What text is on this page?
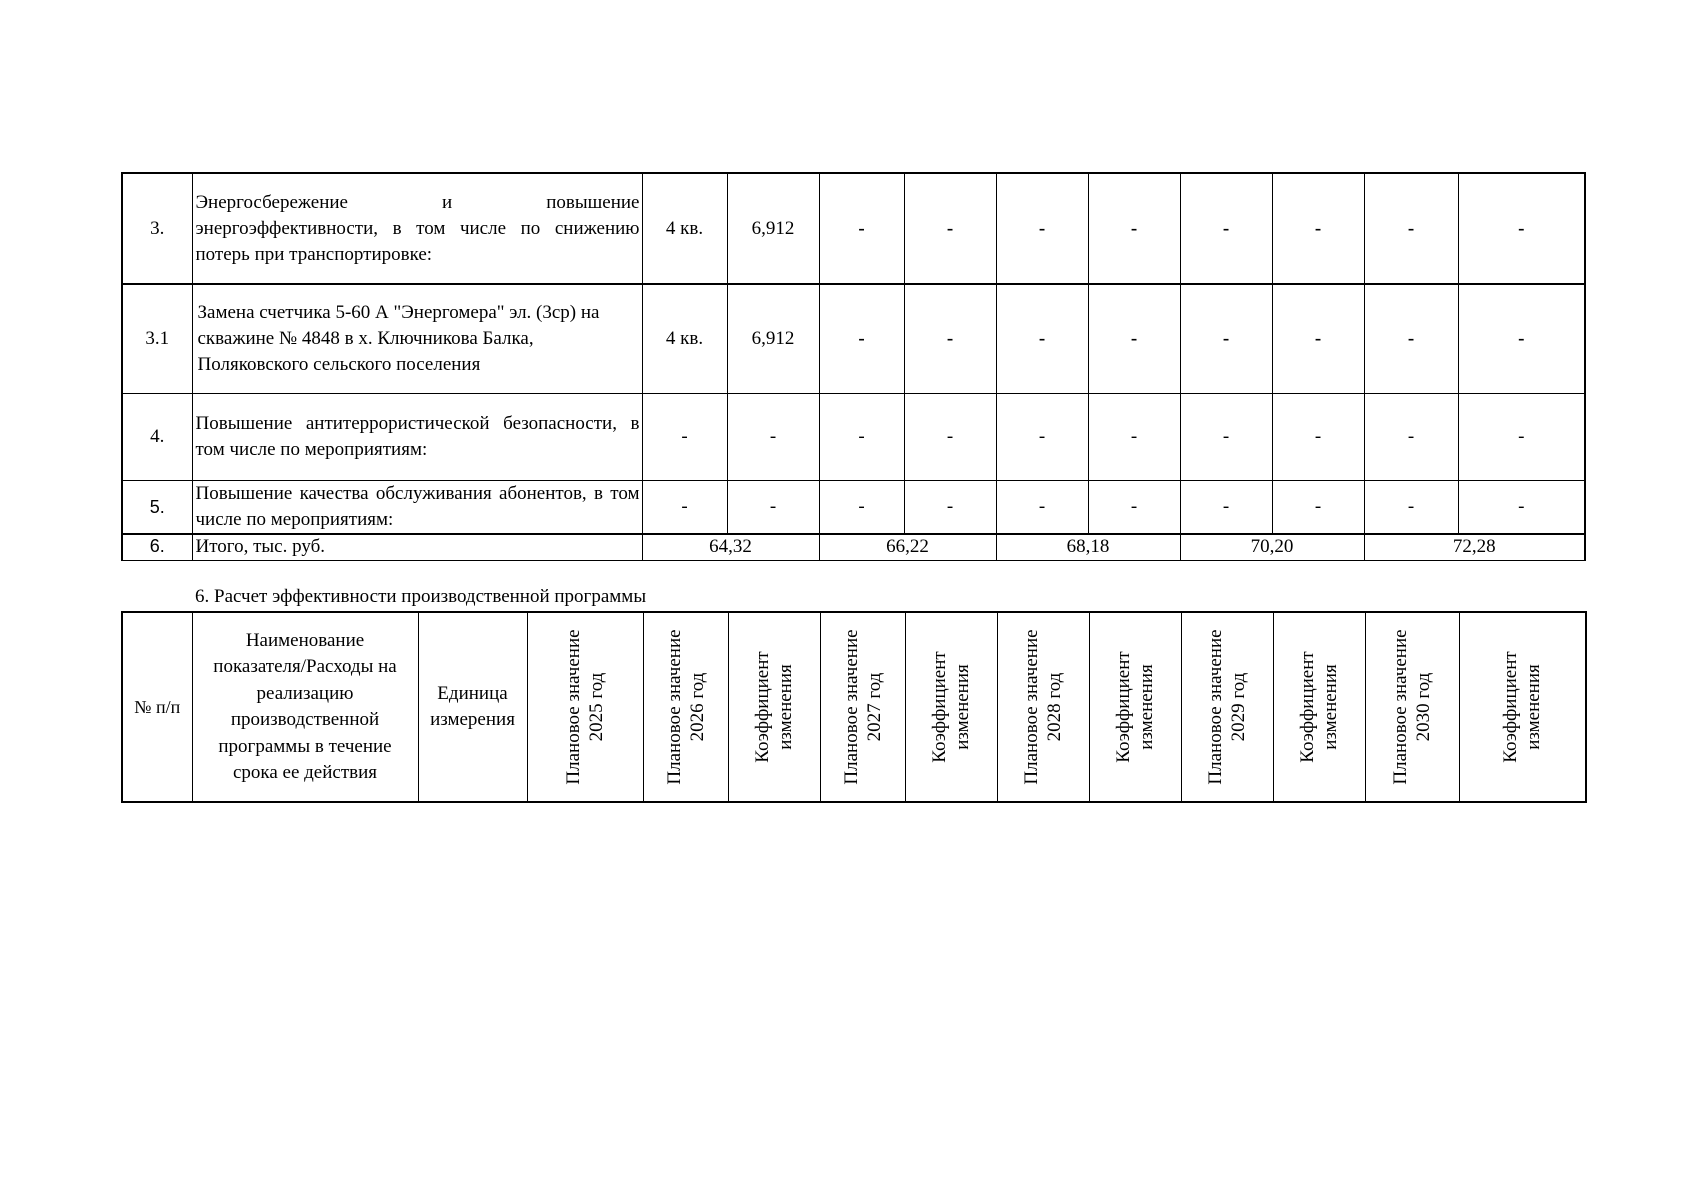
3.	Энергосбережение и повышение энергоэффективности, в том числе по снижению потерь при транспортировке:	4 кв.	6,912	-	-	-	-	-	-	-	-
3.1	Замена счетчика 5-60 А "Энергомера" эл. (3ср) на скважине № 4848 в х. Ключникова Балка, Поляковского сельского поселения	4 кв.	6,912	-	-	-	-	-	-	-	-
4.	Повышение антитеррористической безопасности, в том числе по мероприятиям:	-	-	-	-	-	-	-	-	-	-
5.	Повышение качества обслуживания абонентов, в том числе по мероприятиям:	-	-	-	-	-	-	-	-	-	-
6.	Итого, тыс. руб.	64,32		66,22		68,18		70,20		72,28	
6. Расчет эффективности производственной программы
№ п/п	Наименование показателя/Расходы на реализацию производственной программы в течение срока ее действия	Единица измерения	Плановое значение 2025 год	Плановое значение 2026 год	Коэффициент изменения	Плановое значение 2027 год	Коэффициент изменения	Плановое значение 2028 год	Коэффициент изменения	Плановое значение 2029 год	Коэффициент изменения	Плановое значение 2030 год	Коэффициент изменения
